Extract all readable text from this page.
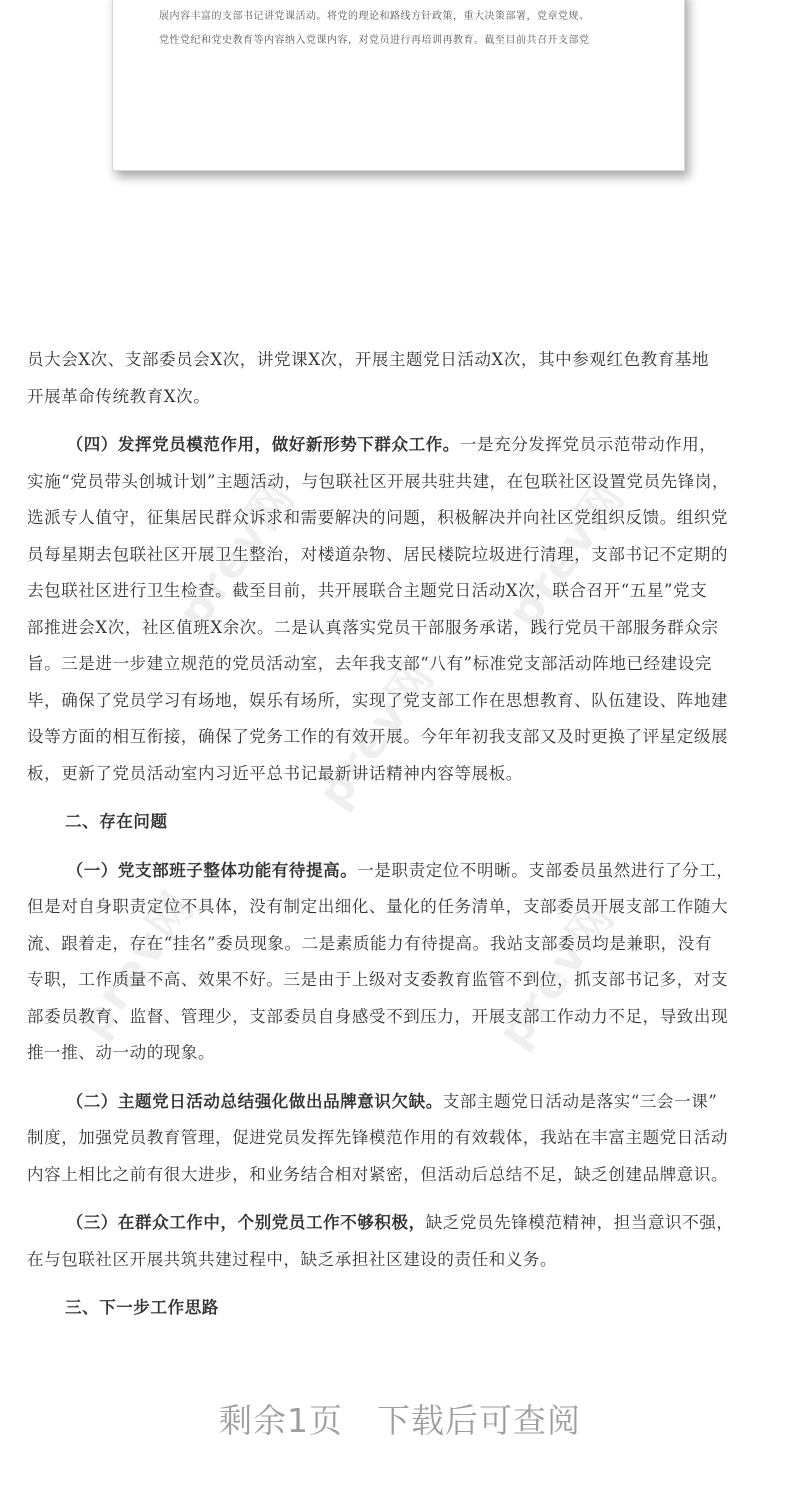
展内容丰富的支部书记讲党课活动。将党的理论和路线方针政策，重大决策部署，党章党规、

党性党纪和党史教育等内容纳入党课内容，对党员进行再培训再教育。截至目前共召开支部党

prev网	prev网
prev网
prev网	prev网

员大会X次、支部委员会X次，讲党课X次，开展主题党日活动X次，其中参观红色教育基地
开展革命传统教育X次。

（四）发挥党员模范作用，做好新形势下群众工作。一是充分发挥党员示范带动作用，

实施“党员带头创城计划”主题活动，与包联社区开展共驻共建，在包联社区设置党员先锋岗，
选派专人值守，征集居民群众诉求和需要解决的问题，积极解决并向社区党组织反馈。组织党
员每星期去包联社区开展卫生整治，对楼道杂物、居民楼院垃圾进行清理，支部书记不定期的
去包联社区进行卫生检查。截至目前，共开展联合主题党日活动X次，联合召开“五星”党支
部推进会X次，社区值班X余次。二是认真落实党员干部服务承诺，践行党员干部服务群众宗
旨。三是进一步建立规范的党员活动室，去年我支部“八有”标准党支部活动阵地已经建设完
毕，确保了党员学习有场地，娱乐有场所，实现了党支部工作在思想教育、队伍建设、阵地建
设等方面的相互衔接，确保了党务工作的有效开展。今年年初我支部又及时更换了评星定级展
板，更新了党员活动室内习近平总书记最新讲话精神内容等展板。

二、存在问题

（一）党支部班子整体功能有待提高。一是职责定位不明晰。支部委员虽然进行了分工，

但是对自身职责定位不具体，没有制定出细化、量化的任务清单，支部委员开展支部工作随大
流、跟着走，存在“挂名”委员现象。二是素质能力有待提高。我站支部委员均是兼职，没有
专职，工作质量不高、效果不好。三是由于上级对支委教育监管不到位，抓支部书记多，对支
部委员教育、监督、管理少，支部委员自身感受不到压力，开展支部工作动力不足，导致出现
推一推、动一动的现象。

（二）主题党日活动总结强化做出品牌意识欠缺。支部主题党日活动是落实“三会一课”

制度，加强党员教育管理，促进党员发挥先锋模范作用的有效载体，我站在丰富主题党日活动
内容上相比之前有很大进步，和业务结合相对紧密，但活动后总结不足，缺乏创建品牌意识。

（三）在群众工作中，个别党员工作不够积极，缺乏党员先锋模范精神，担当意识不强，

在与包联社区开展共筑共建过程中，缺乏承担社区建设的责任和义务。

三、下一步工作思路

剩余1页 下载后可查阅
